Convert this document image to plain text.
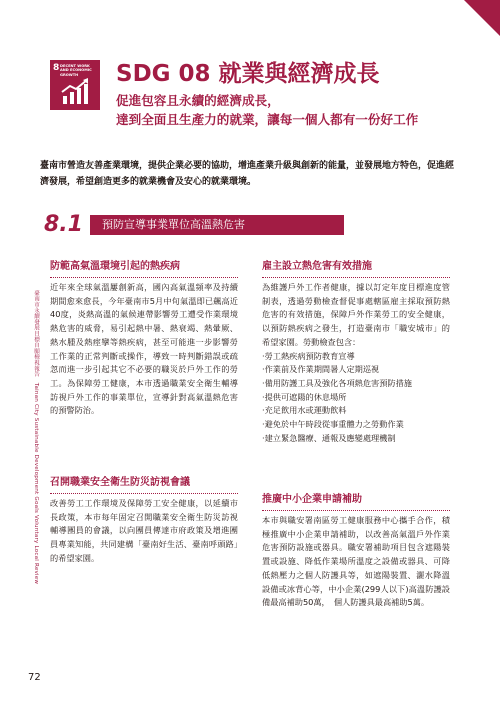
8 DECENT WORK AND ECONOMIC GROWTH	SDG 08 就業與經濟成長
促進包容且永續的經濟成長，
達到全面且生產力的就業，讓每一個人都有一份好工作

臺南市營造友善產業環境，提供企業必要的協助，增進產業升級與創新的能量，並發展地方特色，促進經濟發展，希望創造更多的就業機會及安心的就業環境。

8.1	預防宣導事業單位高溫熱危害
防範高氣溫環境引起的熱疾病

近年來全球氣溫屢創新高，國內高氣溫頻率及持續期間愈來愈長，今年臺南市5月中旬氣溫即已飆高近40度，炎熱高溫的氣候連帶影響勞工遭受作業環境熱危害的威脅，易引起熱中暑、熱衰竭、熱暈厥、熱水腫及熱痙攣等熱疾病，甚至可能進一步影響勞工作業的正常判斷或操作，導致一時判斷錯誤或疏忽而進一步引起其它不必要的職災於戶外工作的勞工。為保障勞工健康，本市透過職業安全衛生輔導訪視戶外工作的事業單位，宣導針對高氣溫熱危害的預警防治。

召開職業安全衛生防災訪視會議

改善勞工工作環境及保障勞工安全健康，以延續市長政策，本市每年固定召開職業安全衛生防災訪視輔導團員的會議，以向團員傳達市府政策及增進團員專業知能，共同建構「臺南好生活、臺南呼頭路」的希望家園。

雇主設立熱危害有效措施

為維護戶外工作者健康，據以訂定年度目標進度管制表，透過勞動檢查督促事處轄區雇主採取預防熱危害的有效措施，保障戶外作業勞工的安全健康，以預防熱疾病之發生，打造臺南市「職安城市」的希望家園。勞動檢查包含：

‧勞工熱疾病預防教育宣導
‧作業前及作業期間暑人定期巡視
‧備用防護工具及強化各項熱危害預防措施
‧提供可遮陽的休息場所
‧充足飲用水或運動飲料
‧避免於中午時段從事重體力之勞動作業
‧建立緊急醫療、通報及應變處理機制
推廣中小企業申請補助

本市與職安署南區勞工健康服務中心攜手合作，積極推廣中小企業申請補助，以改善高氣溫戶外作業危害預防設施或器具。職安署補助項目包含遮陽裝置或設施、降低作業場所溫度之設備或器具、可降低熱壓力之個人防護具等，如遮陽裝置、灑水降溫設備或冰背心等，中小企業(299人以下)高溫防護設備最高補助50萬，　個人防護具最高補助5萬。

臺南市永續發展目標自願檢視報告　Tainan City Sustainable Development Goals Voluntary Local Review
72
